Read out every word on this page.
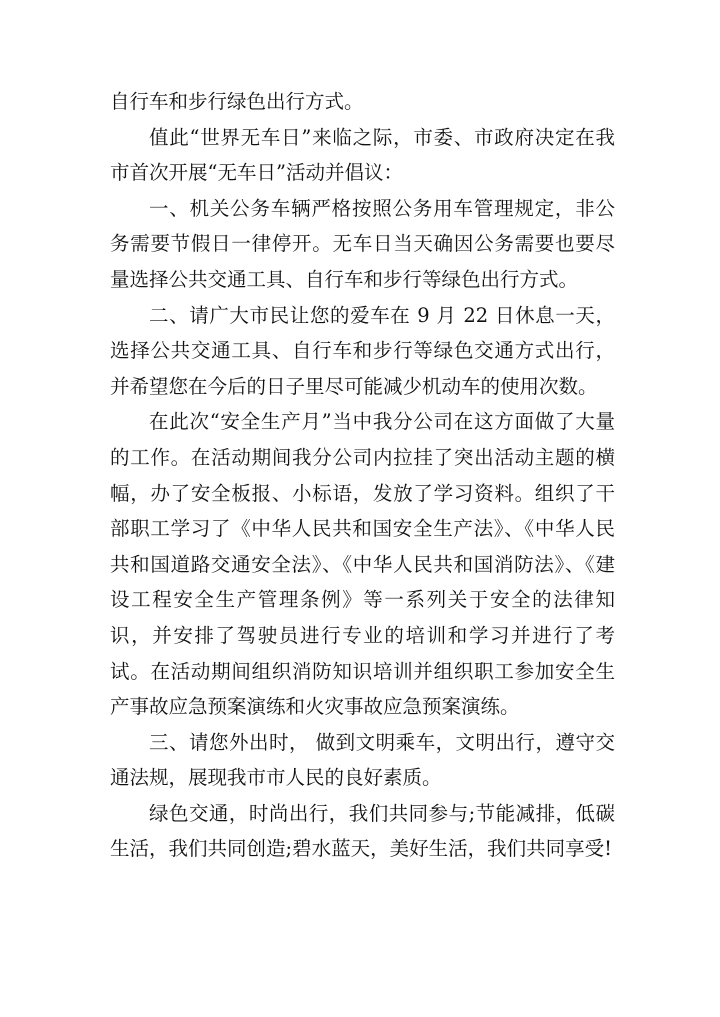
自行车和步行绿色出行方式。

值此“世界无车日”来临之际，市委、市政府决定在我市首次开展“无车日”活动并倡议：

一、机关公务车辆严格按照公务用车管理规定，非公务需要节假日一律停开。无车日当天确因公务需要也要尽量选择公共交通工具、自行车和步行等绿色出行方式。

二、请广大市民让您的爱车在 9 月 22 日休息一天，选择公共交通工具、自行车和步行等绿色交通方式出行，并希望您在今后的日子里尽可能减少机动车的使用次数。

在此次“安全生产月”当中我分公司在这方面做了大量的工作。在活动期间我分公司内拉挂了突出活动主题的横幅，办了安全板报、小标语，发放了学习资料。组织了干部职工学习了《中华人民共和国安全生产法》、《中华人民共和国道路交通安全法》、《中华人民共和国消防法》、《建设工程安全生产管理条例》等一系列关于安全的法律知识，并安排了驾驶员进行专业的培训和学习并进行了考试。在活动期间组织消防知识培训并组织职工参加安全生产事故应急预案演练和火灾事故应急预案演练。

三、请您外出时， 做到文明乘车，文明出行，遵守交通法规，展现我市市人民的良好素质。

绿色交通，时尚出行，我们共同参与;节能减排，低碳生活，我们共同创造;碧水蓝天，美好生活，我们共同享受!
